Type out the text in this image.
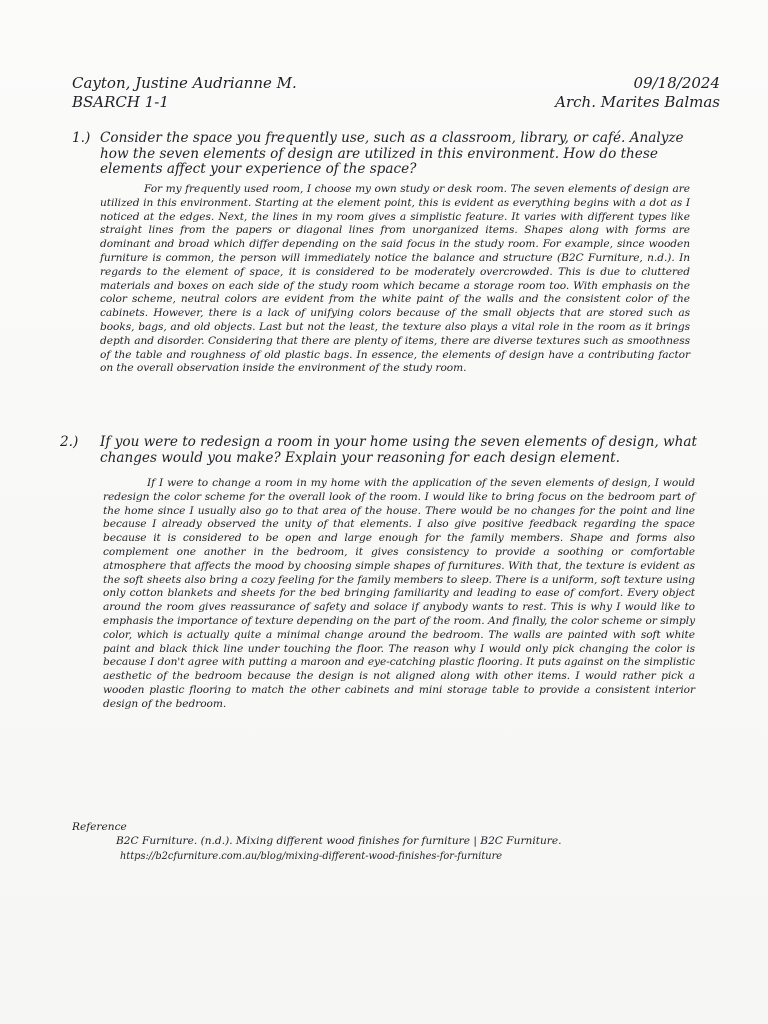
Cayton, Justine Audrianne M.
BSARCH 1-1
09/18/2024
Arch. Marites Balmas
1.) Consider the space you frequently use, such as a classroom, library, or café. Analyze how the seven elements of design are utilized in this environment. How do these elements affect your experience of the space?
For my frequently used room, I choose my own study or desk room. The seven elements of design are utilized in this environment. Starting at the element point, this is evident as everything begins with a dot as I noticed at the edges. Next, the lines in my room gives a simplistic feature. It varies with different types like straight lines from the papers or diagonal lines from unorganized items. Shapes along with forms are dominant and broad which differ depending on the said focus in the study room. For example, since wooden furniture is common, the person will immediately notice the balance and structure (B2C Furniture, n.d.). In regards to the element of space, it is considered to be moderately overcrowded. This is due to cluttered materials and boxes on each side of the study room which became a storage room too. With emphasis on the color scheme, neutral colors are evident from the white paint of the walls and the consistent color of the cabinets. However, there is a lack of unifying colors because of the small objects that are stored such as books, bags, and old objects. Last but not the least, the texture also plays a vital role in the room as it brings depth and disorder. Considering that there are plenty of items, there are diverse textures such as smoothness of the table and roughness of old plastic bags. In essence, the elements of design have a contributing factor on the overall observation inside the environment of the study room.
2.) If you were to redesign a room in your home using the seven elements of design, what changes would you make? Explain your reasoning for each design element.
If I were to change a room in my home with the application of the seven elements of design, I would redesign the color scheme for the overall look of the room. I would like to bring focus on the bedroom part of the home since I usually also go to that area of the house. There would be no changes for the point and line because I already observed the unity of that elements. I also give positive feedback regarding the space because it is considered to be open and large enough for the family members. Shape and forms also complement one another in the bedroom, it gives consistency to provide a soothing or comfortable atmosphere that affects the mood by choosing simple shapes of furnitures. With that, the texture is evident as the soft sheets also bring a cozy feeling for the family members to sleep. There is a uniform, soft texture using only cotton blankets and sheets for the bed bringing familiarity and leading to ease of comfort. Every object around the room gives reassurance of safety and solace if anybody wants to rest. This is why I would like to emphasis the importance of texture depending on the part of the room. And finally, the color scheme or simply color, which is actually quite a minimal change around the bedroom. The walls are painted with soft white paint and black thick line under touching the floor. The reason why I would only pick changing the color is because I don't agree with putting a maroon and eye-catching plastic flooring. It puts against on the simplistic aesthetic of the bedroom because the design is not aligned along with other items. I would rather pick a wooden plastic flooring to match the other cabinets and mini storage table to provide a consistent interior design of the bedroom.
Reference
B2C Furniture. (n.d.). Mixing different wood finishes for furniture | B2C Furniture.
https://b2cfurniture.com.au/blog/mixing-different-wood-finishes-for-furniture
